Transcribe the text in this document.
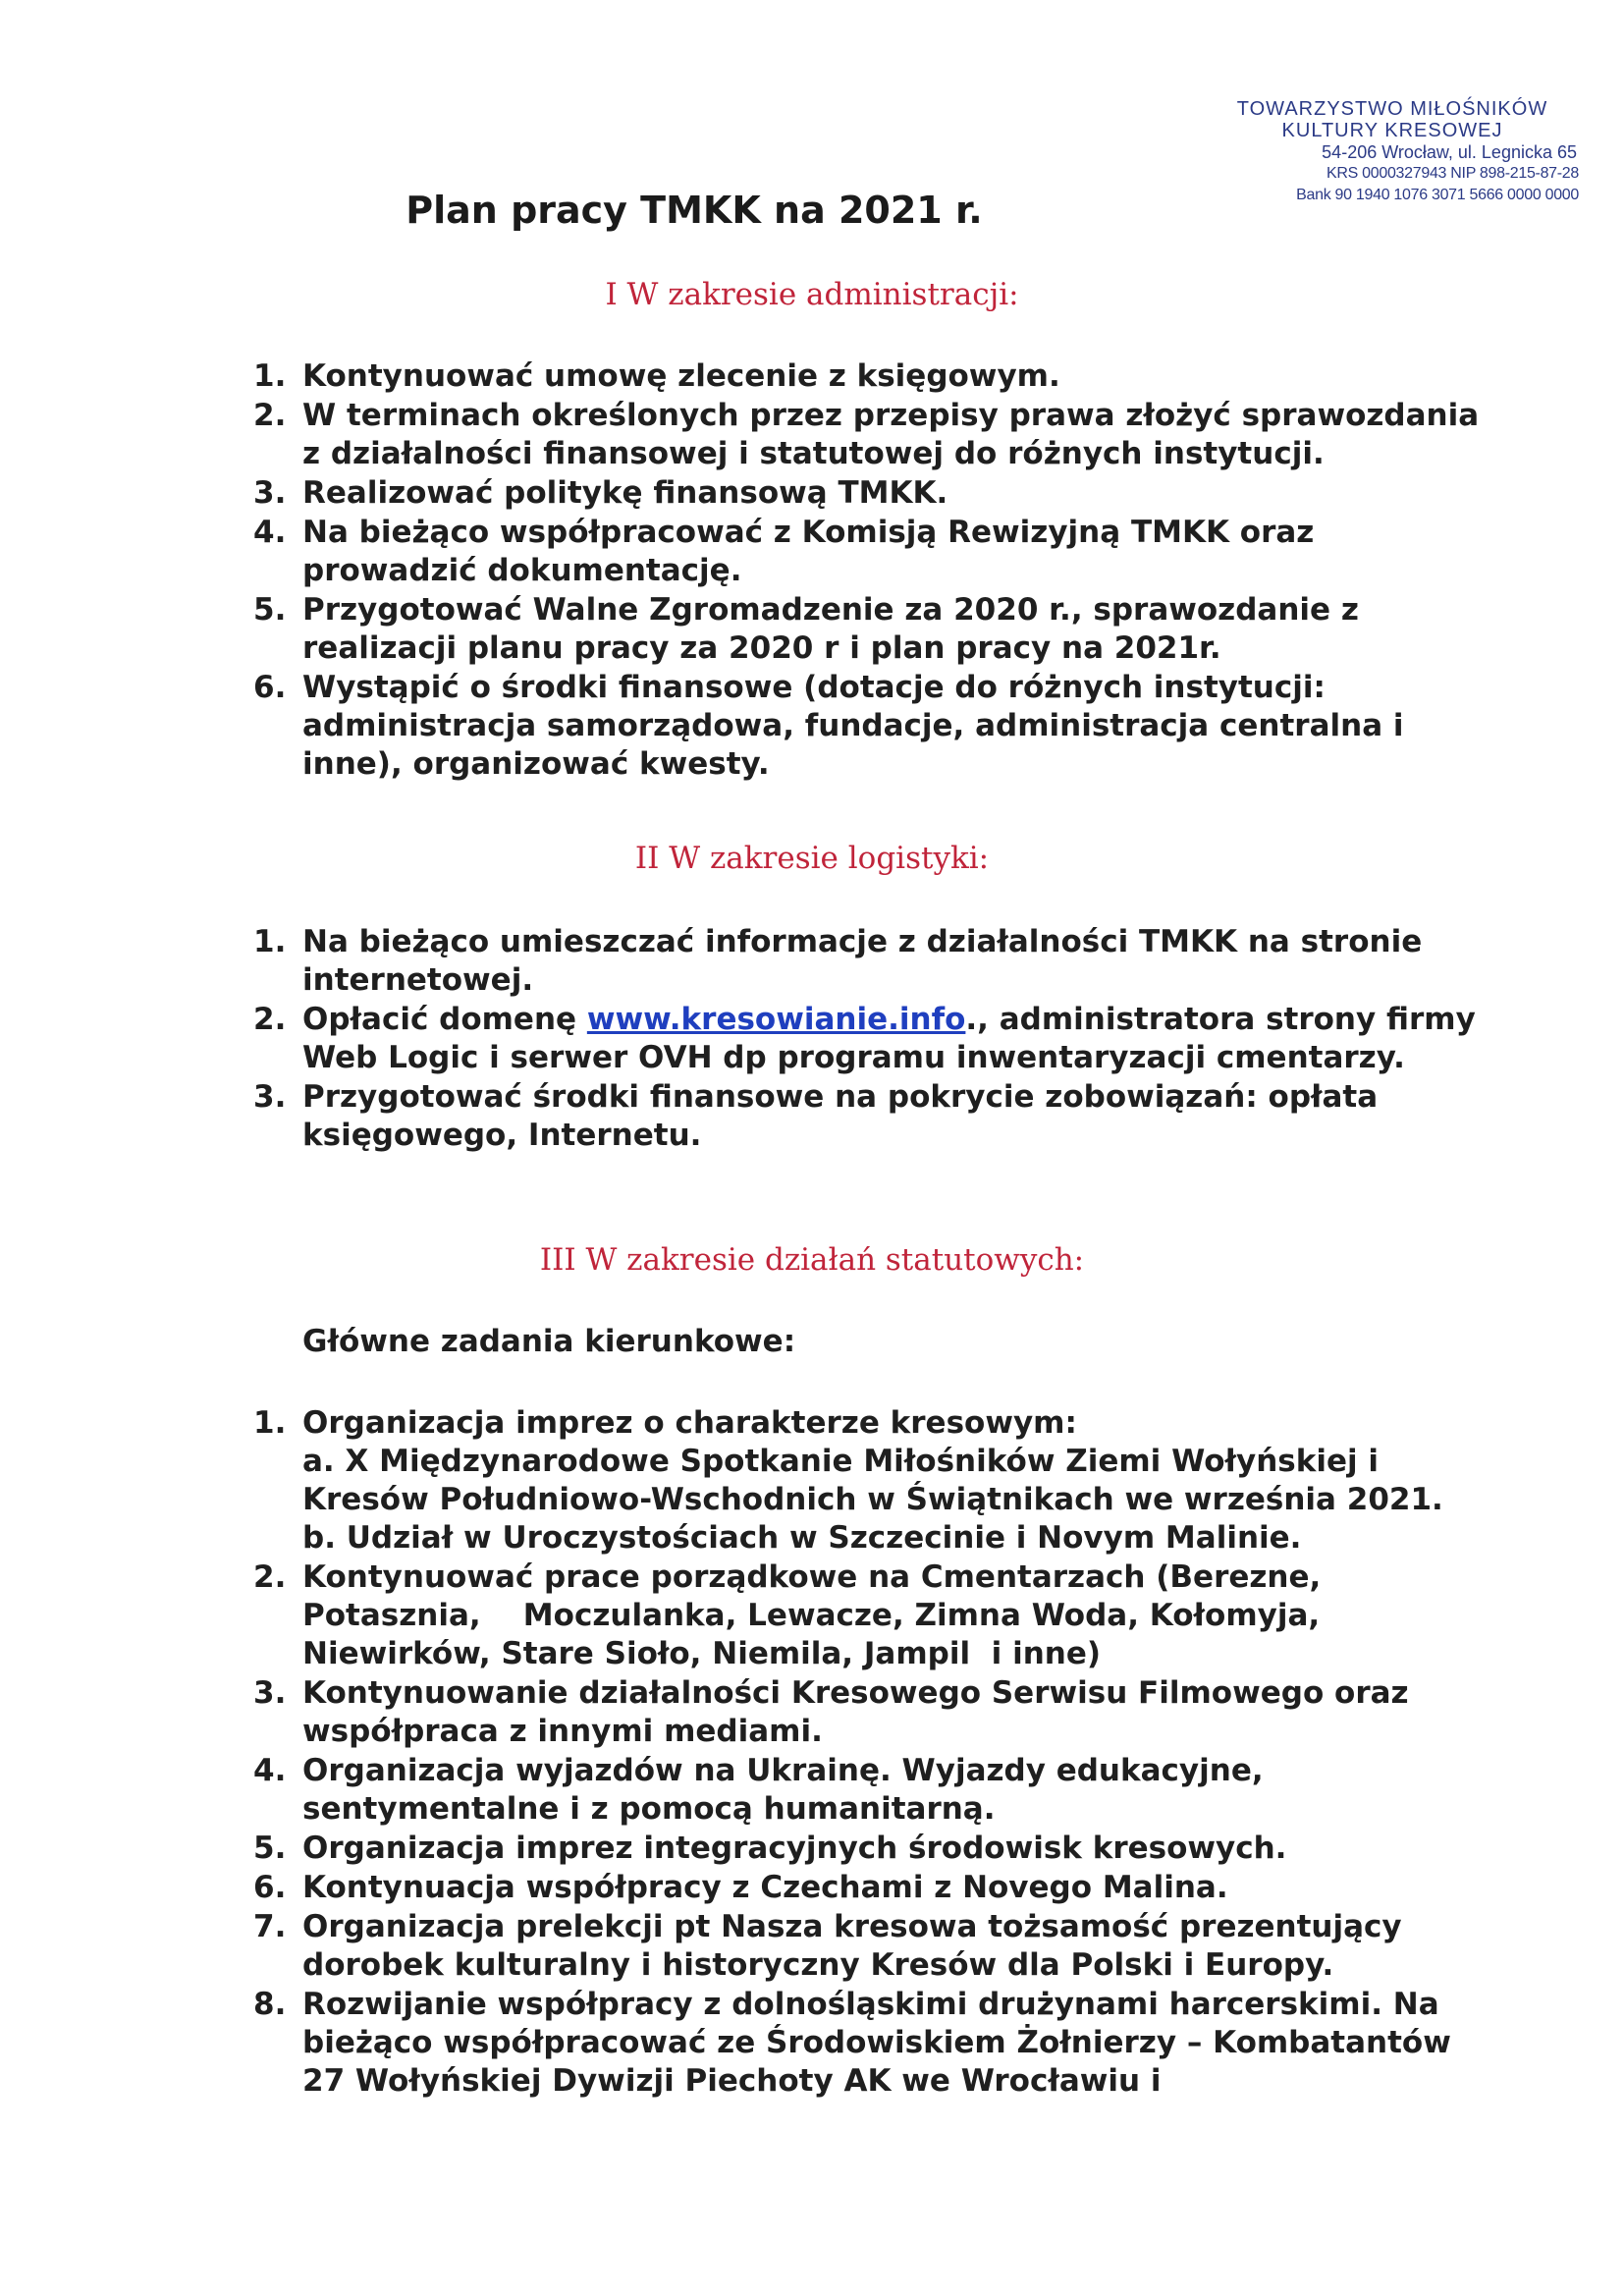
TOWARZYSTWO MIŁOŚNIKÓW
KULTURY KRESOWEJ
54-206 Wrocław, ul. Legnicka 65
KRS 0000327943 NIP 898-215-87-28
Bank 90 1940 1076 3071 5666 0000 0000
Plan pracy TMKK na 2021 r.
I W zakresie administracji:
1. Kontynuować umowę zlecenie z księgowym.
2. W terminach określonych przez przepisy prawa złożyć sprawozdania z działalności finansowej i statutowej do różnych instytucji.
3. Realizować politykę finansową TMKK.
4. Na bieżąco współpracować z Komisją Rewizyjną TMKK oraz prowadzić dokumentację.
5. Przygotować Walne Zgromadzenie za 2020 r., sprawozdanie z realizacji planu pracy za 2020 r i plan pracy na 2021r.
6. Wystąpić o środki finansowe (dotacje do różnych instytucji: administracja samorządowa, fundacje, administracja centralna i inne), organizować kwesty.
II W zakresie logistyki:
1. Na bieżąco umieszczać informacje z działalności TMKK na stronie internetowej.
2. Opłacić domenę www.kresowianie.info., administratora strony firmy Web Logic i serwer OVH dp programu inwentaryzacji cmentarzy.
3. Przygotować środki finansowe na pokrycie zobowiązań: opłata księgowego, Internetu.
III W zakresie działań statutowych:
Główne zadania kierunkowe:
1. Organizacja imprez o charakterze kresowym:
a. X Międzynarodowe Spotkanie Miłośników Ziemi Wołyńskiej i Kresów Południowo-Wschodnich w Świątnikach we września 2021.
b. Udział w Uroczystościach w Szczecinie i Novym Malinie.
2. Kontynuować prace porządkowe na Cmentarzach (Berezne, Potasznia,    Moczulanka, Lewacze, Zimna Woda, Kołomyja, Niewirków, Stare Sioło, Niemila, Jampil  i inne)
3. Kontynuowanie działalności Kresowego Serwisu Filmowego oraz współpraca z innymi mediami.
4. Organizacja wyjazdów na Ukrainę. Wyjazdy edukacyjne, sentymentalne i z pomocą humanitarną.
5. Organizacja imprez integracyjnych środowisk kresowych.
6. Kontynuacja współpracy z Czechami z Novego Malina.
7. Organizacja prelekcji pt Nasza kresowa tożsamość prezentujący dorobek kulturalny i historyczny Kresów dla Polski i Europy.
8. Rozwijanie współpracy z dolnośląskimi drużynami harcerskimi. Na bieżąco współpracować ze Środowiskiem Żołnierzy – Kombatantów 27 Wołyńskiej Dywizji Piechoty AK we Wrocławiu i
